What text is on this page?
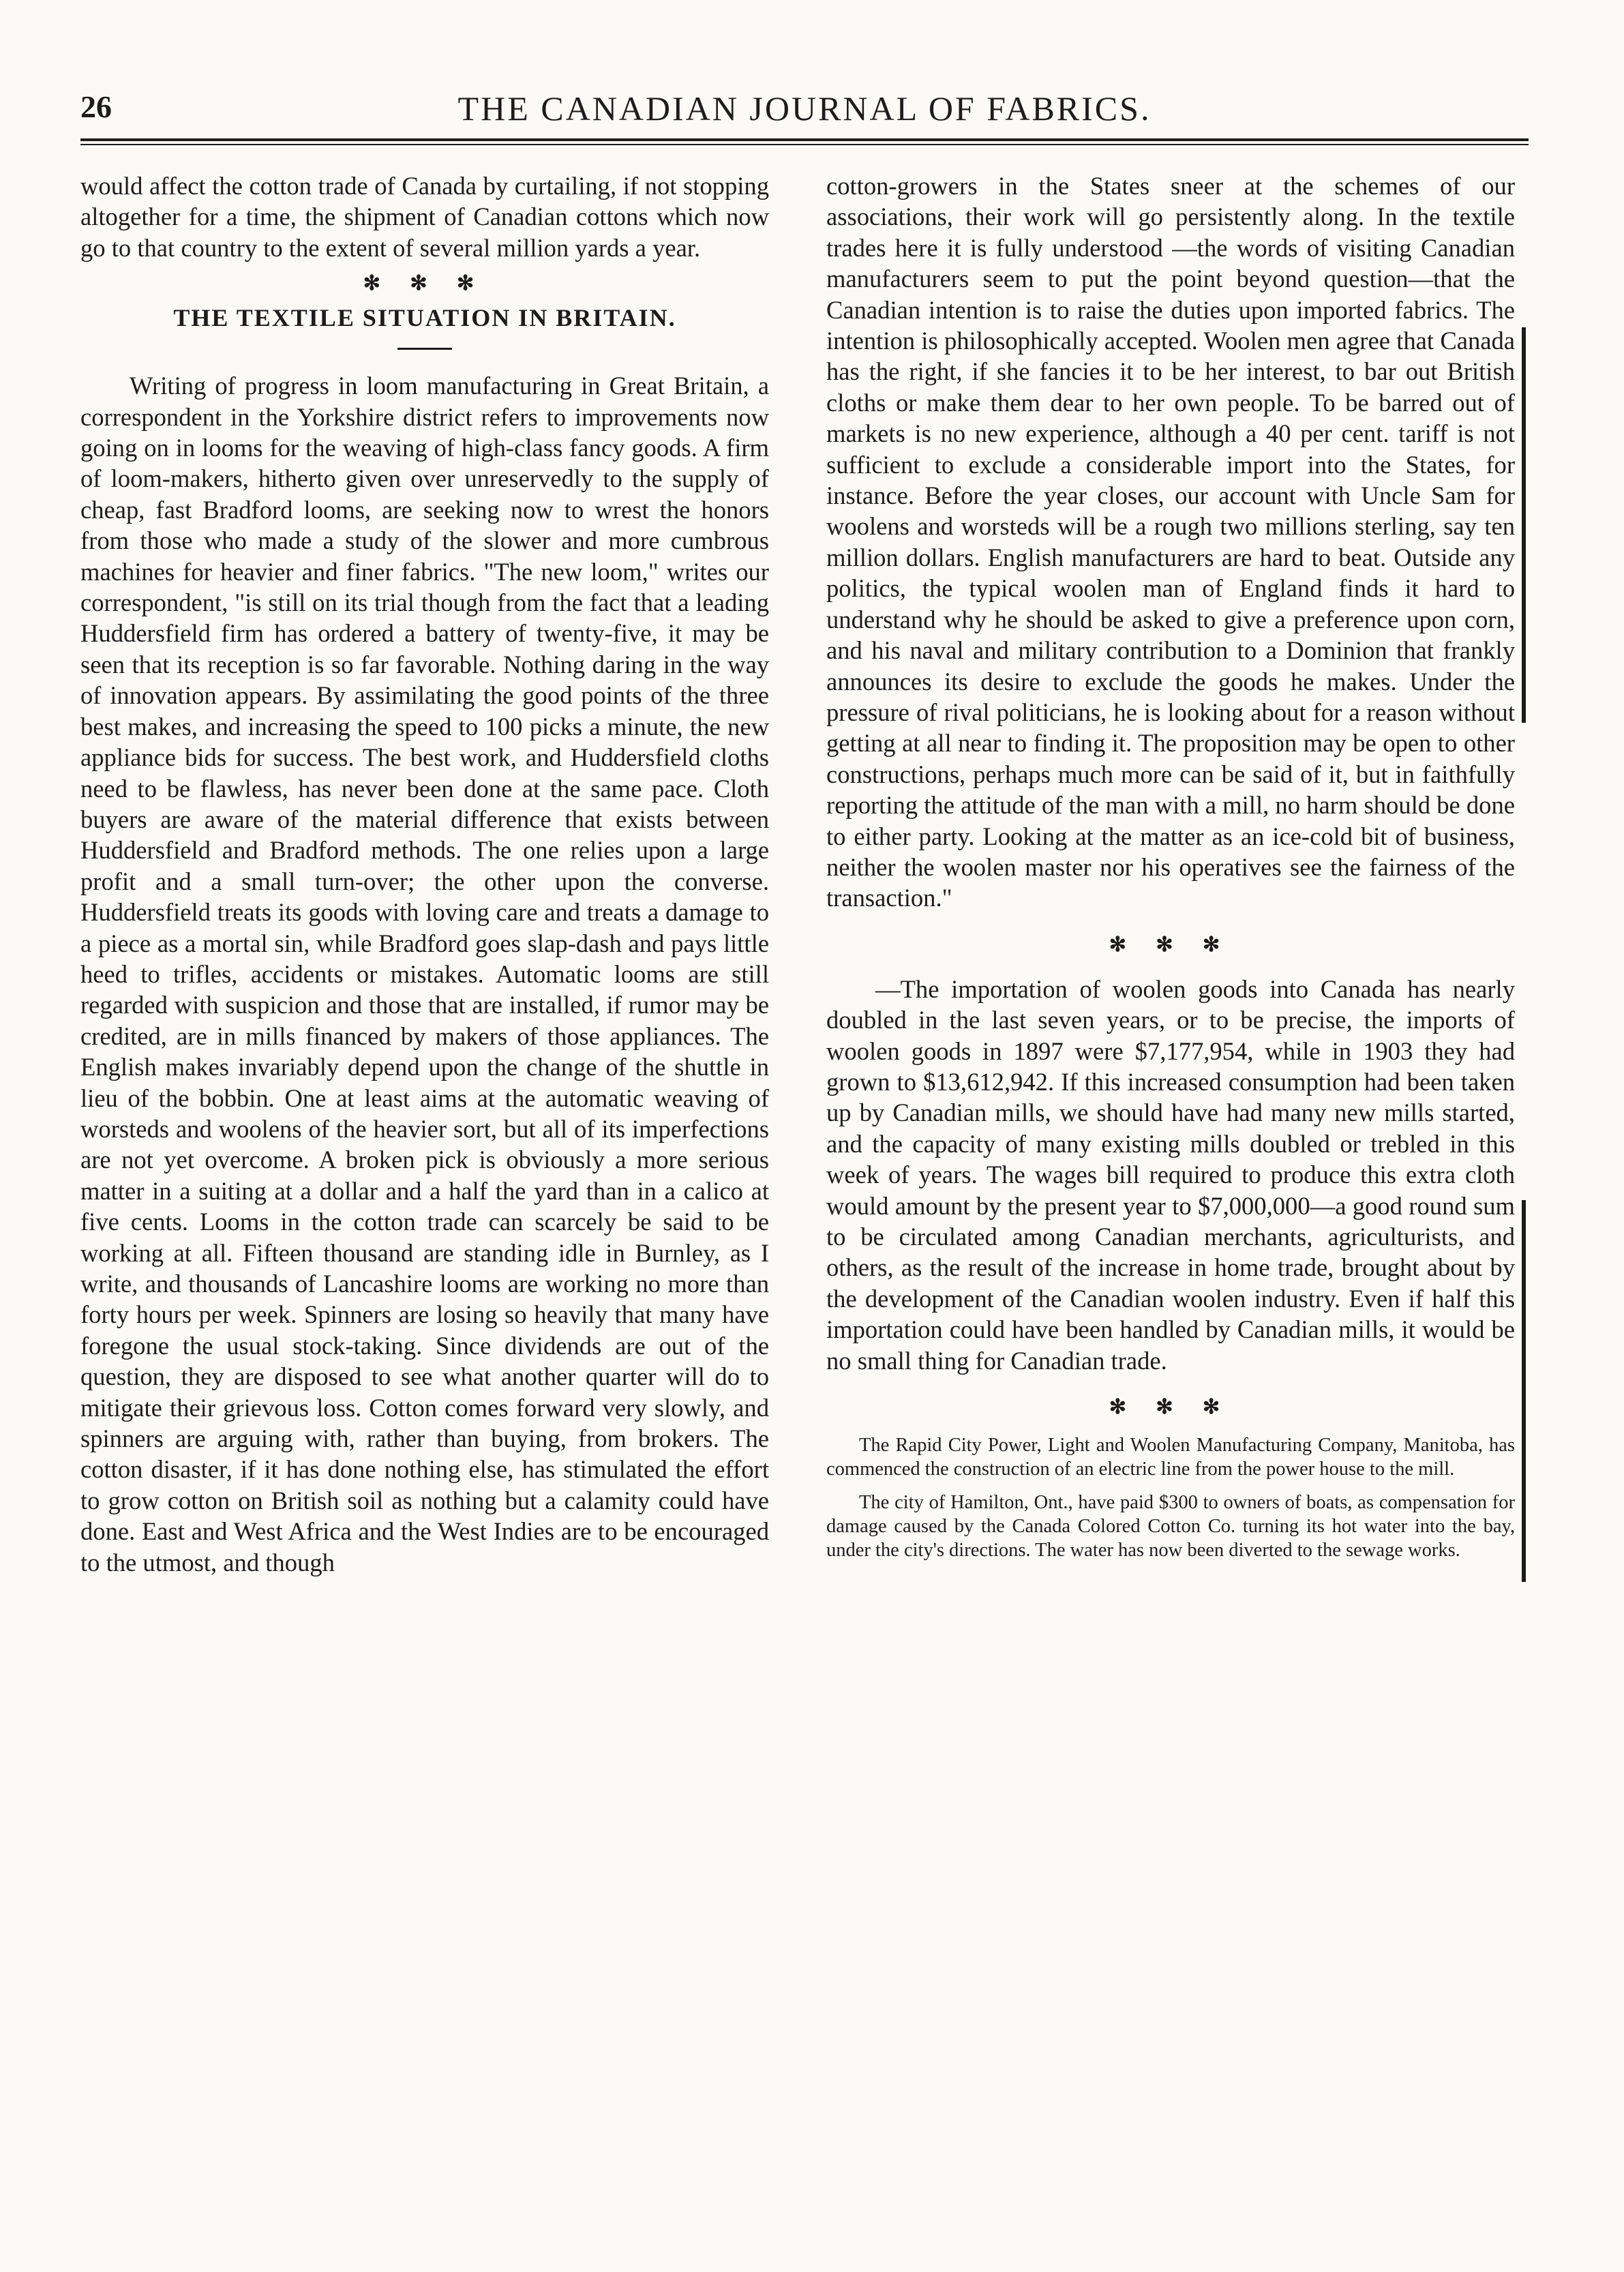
26	THE CANADIAN JOURNAL OF FABRICS.

would affect the cotton trade of Canada by curtailing, if not stopping altogether for a time, the shipment of Canadian cottons which now go to that country to the extent of several million yards a year.

✻ ✻ ✻
THE TEXTILE SITUATION IN BRITAIN.

Writing of progress in loom manufacturing in Great Britain, a correspondent in the Yorkshire district refers to improvements now going on in looms for the weaving of high-class fancy goods. A firm of loom-makers, hitherto given over unreservedly to the supply of cheap, fast Bradford looms, are seeking now to wrest the honors from those who made a study of the slower and more cumbrous machines for heavier and finer fabrics. "The new loom," writes our correspondent, "is still on its trial though from the fact that a leading Huddersfield firm has ordered a battery of twenty-five, it may be seen that its reception is so far favorable. Nothing daring in the way of innovation appears. By assimilating the good points of the three best makes, and increasing the speed to 100 picks a minute, the new appliance bids for success. The best work, and Huddersfield cloths need to be flawless, has never been done at the same pace. Cloth buyers are aware of the material difference that exists between Huddersfield and Bradford methods. The one relies upon a large profit and a small turn-over; the other upon the converse. Huddersfield treats its goods with loving care and treats a damage to a piece as a mortal sin, while Bradford goes slap-dash and pays little heed to trifles, accidents or mistakes. Automatic looms are still regarded with suspicion and those that are installed, if rumor may be credited, are in mills financed by makers of those appliances. The English makes invariably depend upon the change of the shuttle in lieu of the bobbin. One at least aims at the automatic weaving of worsteds and woolens of the heavier sort, but all of its imperfections are not yet overcome. A broken pick is obviously a more serious matter in a suiting at a dollar and a half the yard than in a calico at five cents. Looms in the cotton trade can scarcely be said to be working at all. Fifteen thousand are standing idle in Burnley, as I write, and thousands of Lancashire looms are working no more than forty hours per week. Spinners are losing so heavily that many have foregone the usual stock-taking. Since dividends are out of the question, they are disposed to see what another quarter will do to mitigate their grievous loss. Cotton comes forward very slowly, and spinners are arguing with, rather than buying, from brokers. The cotton disaster, if it has done nothing else, has stimulated the effort to grow cotton on British soil as nothing but a calamity could have done. East and West Africa and the West Indies are to be encouraged to the utmost, and though

cotton-growers in the States sneer at the schemes of our associations, their work will go persistently along. In the textile trades here it is fully understood —the words of visiting Canadian manufacturers seem to put the point beyond question—that the Canadian intention is to raise the duties upon imported fabrics. The intention is philosophically accepted. Woolen men agree that Canada has the right, if she fancies it to be her interest, to bar out British cloths or make them dear to her own people. To be barred out of markets is no new experience, although a 40 per cent. tariff is not sufficient to exclude a considerable import into the States, for instance. Before the year closes, our account with Uncle Sam for woolens and worsteds will be a rough two millions sterling, say ten million dollars. English manufacturers are hard to beat. Outside any politics, the typical woolen man of England finds it hard to understand why he should be asked to give a preference upon corn, and his naval and military contribution to a Dominion that frankly announces its desire to exclude the goods he makes. Under the pressure of rival politicians, he is looking about for a reason without getting at all near to finding it. The proposition may be open to other constructions, perhaps much more can be said of it, but in faithfully reporting the attitude of the man with a mill, no harm should be done to either party. Looking at the matter as an ice-cold bit of business, neither the woolen master nor his operatives see the fairness of the transaction."

✻ ✻ ✻

—The importation of woolen goods into Canada has nearly doubled in the last seven years, or to be precise, the imports of woolen goods in 1897 were $7,177,954, while in 1903 they had grown to $13,612,942. If this increased consumption had been taken up by Canadian mills, we should have had many new mills started, and the capacity of many existing mills doubled or trebled in this week of years. The wages bill required to produce this extra cloth would amount by the present year to $7,000,000—a good round sum to be circulated among Canadian merchants, agriculturists, and others, as the result of the increase in home trade, brought about by the development of the Canadian woolen industry. Even if half this importation could have been handled by Canadian mills, it would be no small thing for Canadian trade.

✻ ✻ ✻

The Rapid City Power, Light and Woolen Manufacturing Company, Manitoba, has commenced the construction of an electric line from the power house to the mill.

The city of Hamilton, Ont., have paid $300 to owners of boats, as compensation for damage caused by the Canada Colored Cotton Co. turning its hot water into the bay, under the city's directions. The water has now been diverted to the sewage works.
